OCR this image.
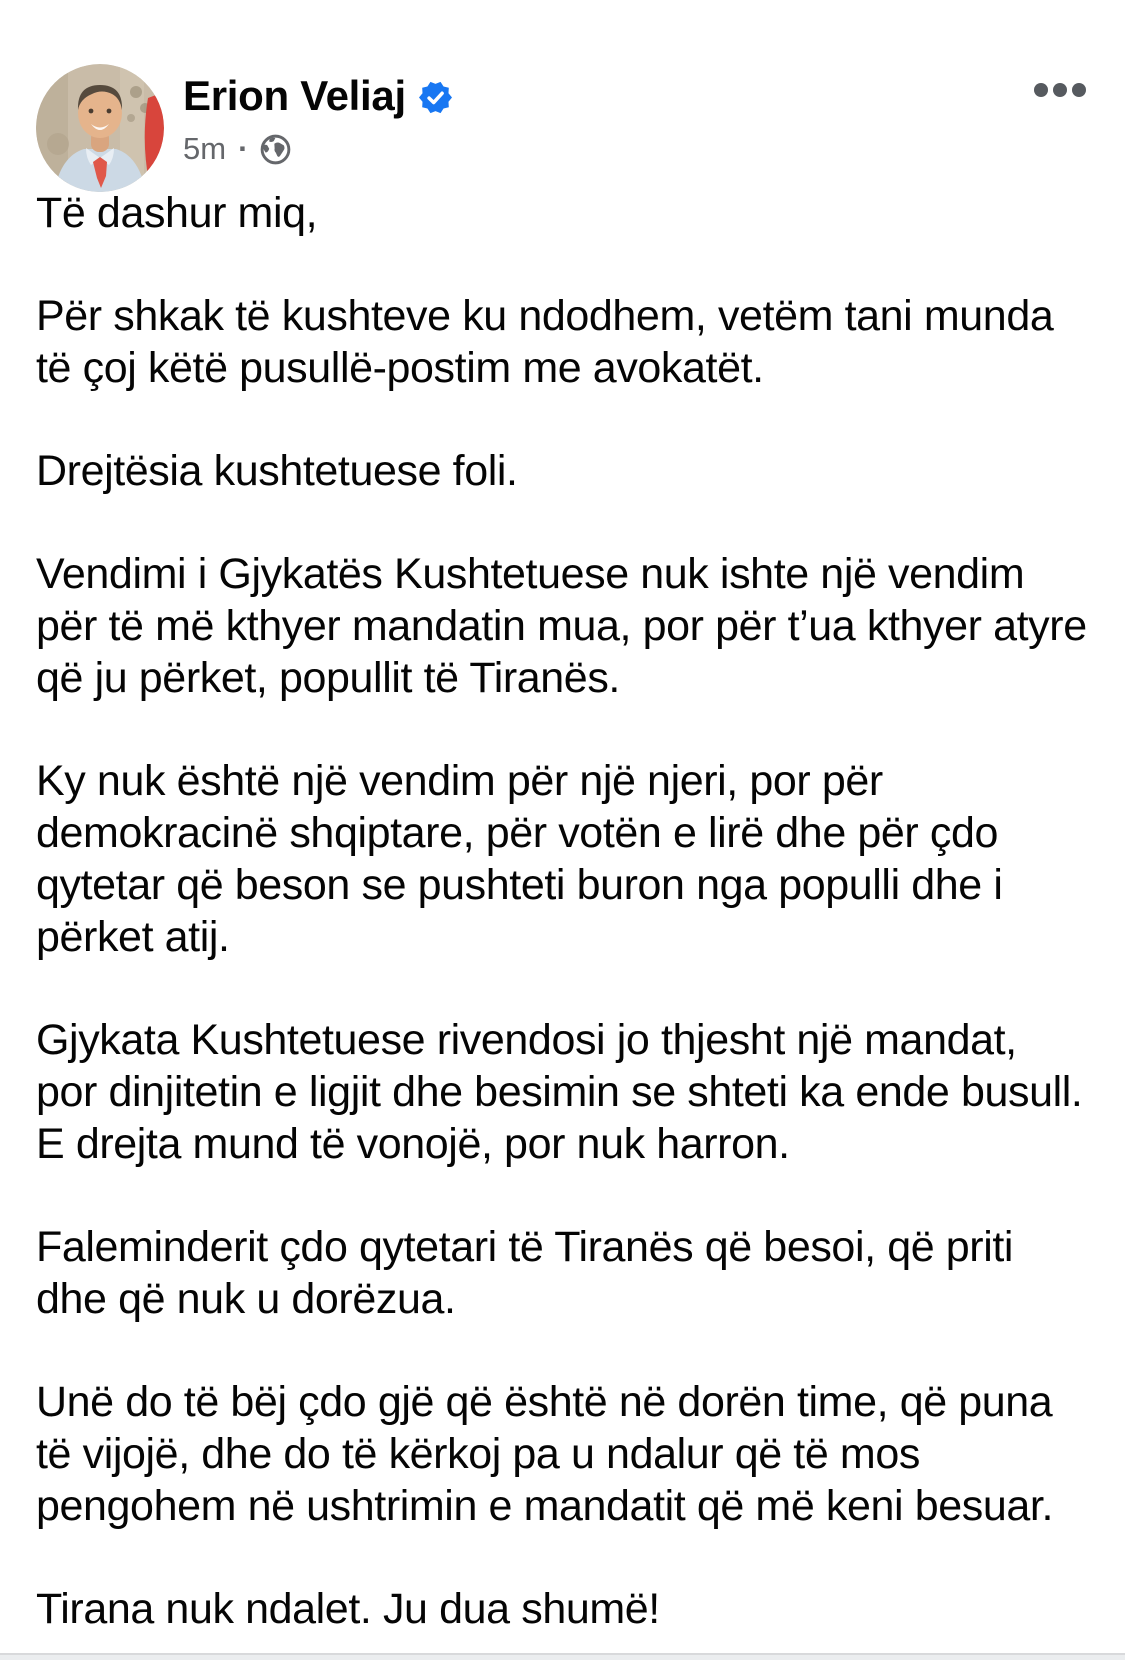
Erion Veliaj
5m ·

Të dashur miq,

Për shkak të kushteve ku ndodhem, vetëm tani munda të çoj këtë pusullë-postim me avokatët.

Drejtësia kushtetuese foli.

Vendimi i Gjykatës Kushtetuese nuk ishte një vendim për të më kthyer mandatin mua, por për t’ua kthyer atyre që ju përket, popullit të Tiranës.

Ky nuk është një vendim për një njeri, por për demokracinë shqiptare, për votën e lirë dhe për çdo qytetar që beson se pushteti buron nga populli dhe i përket atij.

Gjykata Kushtetuese rivendosi jo thjesht një mandat, por dinjitetin e ligjit dhe besimin se shteti ka ende busull. E drejta mund të vonojë, por nuk harron.

Faleminderit çdo qytetari të Tiranës që besoi, që priti dhe që nuk u dorëzua.

Unë do të bëj çdo gjë që është në dorën time, që puna të vijojë, dhe do të kërkoj pa u ndalur që të mos pengohem në ushtrimin e mandatit që më keni besuar.

Tirana nuk ndalet. Ju dua shumë!
